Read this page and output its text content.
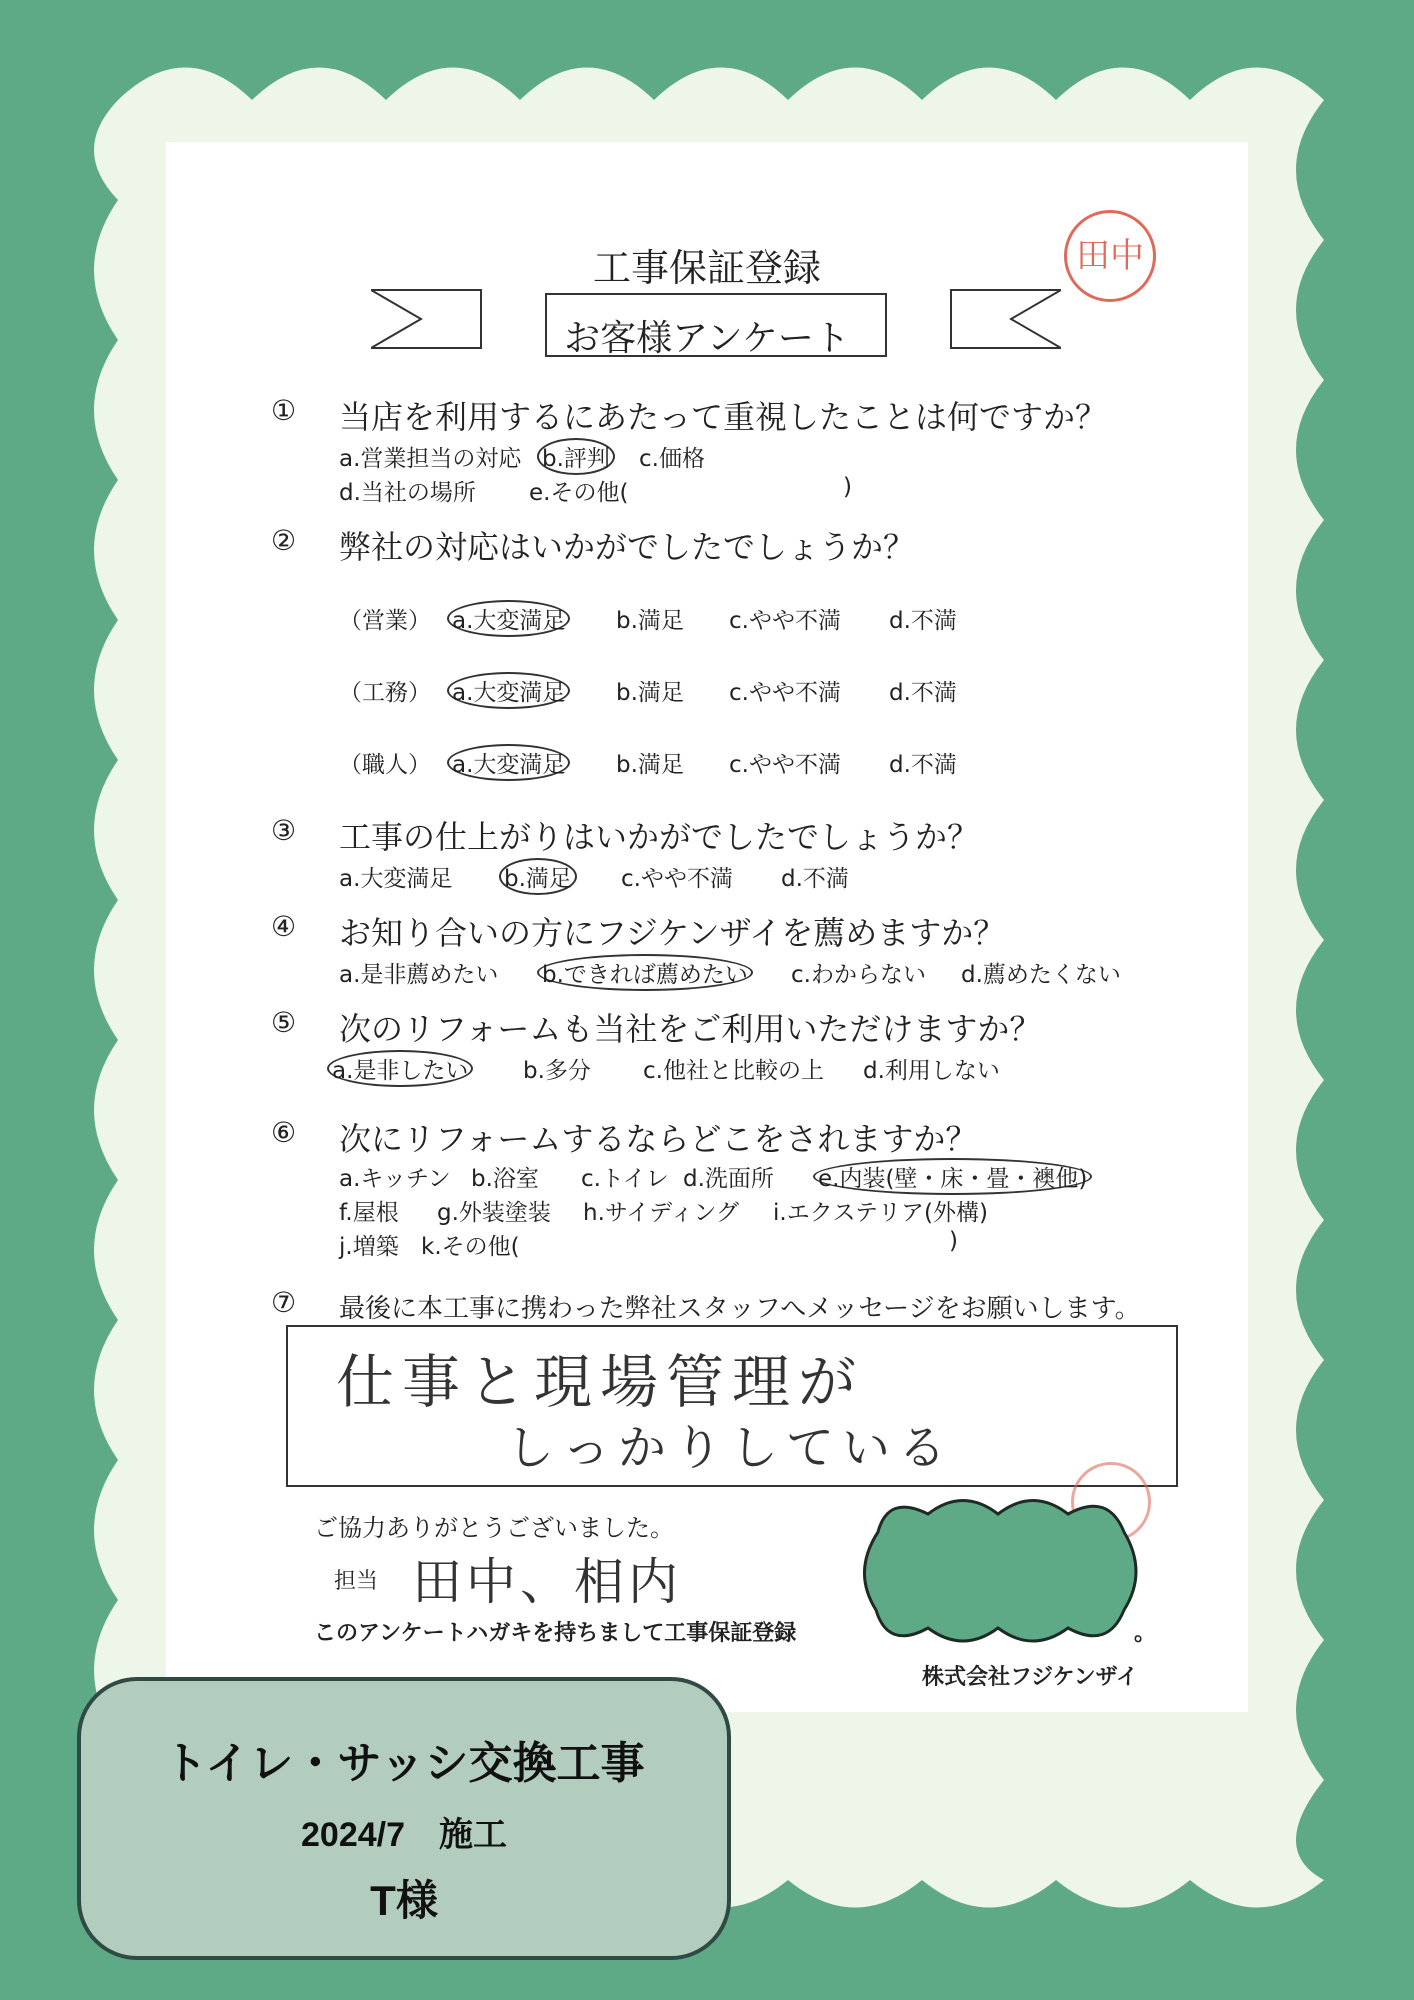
田中
工事保証登録
お客様アンケート
① 当店を利用するにあたって重視したことは何ですか？
a.営業担当の対応 b.評判 c.価格
d.当社の場所 e.その他(	)
② 弊社の対応はいかがでしたでしょうか？
（営業） a.大変満足 b.満足 c.やや不満 d.不満
（工務） a.大変満足 b.満足 c.やや不満 d.不満
（職人） a.大変満足 b.満足 c.やや不満 d.不満
③ 工事の仕上がりはいかがでしたでしょうか？
a.大変満足 b.満足 c.やや不満 d.不満
④ お知り合いの方にフジケンザイを薦めますか？
a.是非薦めたい b.できれば薦めたい c.わからない d.薦めたくない
⑤ 次のリフォームも当社をご利用いただけますか？
a.是非したい b.多分 c.他社と比較の上 d.利用しない
⑥ 次にリフォームするならどこをされますか？
a.キッチン b.浴室 c.トイレ d.洗面所 e.内装(壁・床・畳・襖他)
f.屋根 g.外装塗装 h.サイディング i.エクステリア(外構)
j.増築 k.その他(	)
⑦ 最後に本工事に携わった弊社スタッフへメッセージをお願いします。
仕事と現場管理が
しっかりしている
ご協力ありがとうございました。
担当 田中、相内
このアンケートハガキを持ちまして工事保証登録	。
株式会社フジケンザイ
トイレ・サッシ交換工事
2024/7　施工
T様
